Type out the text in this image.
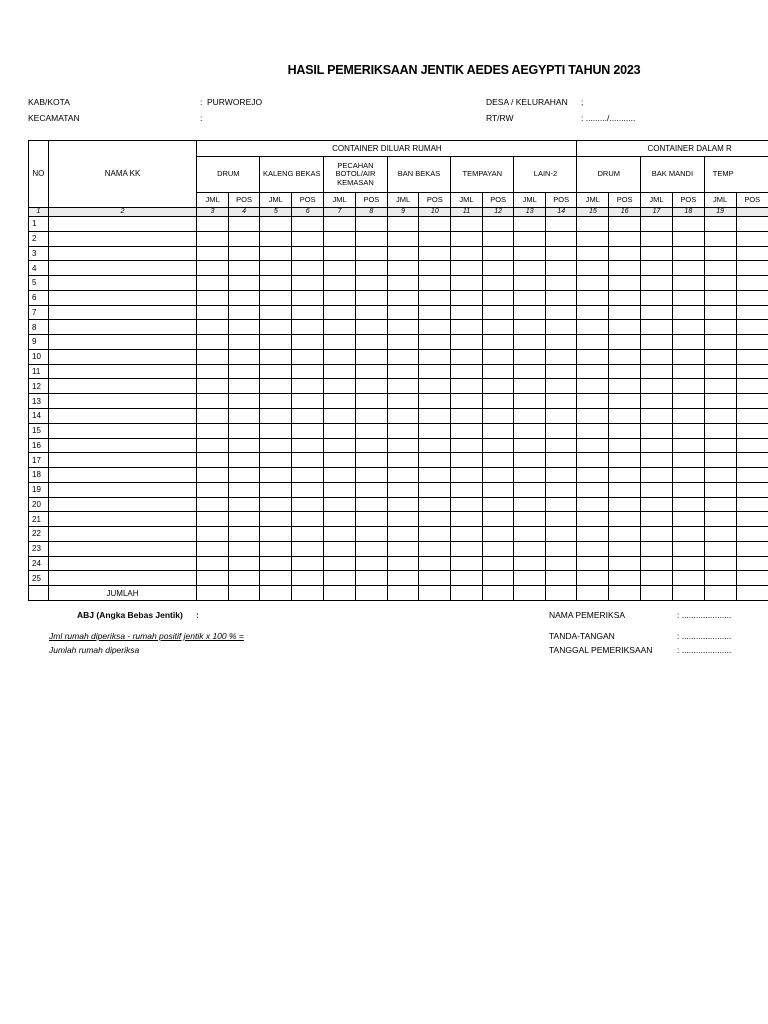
HASIL PEMERIKSAAN JENTIK AEDES AEGYPTI TAHUN 2023
KAB/KOTA	: PURWOREJO
KECAMATAN	:
DESA / KELURAHAN ;
RT/RW	: ........./...........
NO	NAMA KK	CONTAINER DILUAR RUMAH												CONTAINER DALAM R					
		DRUM		KALENG BEKAS		PECAHAN BOTOL/AIR KEMASAN		BAN BEKAS		TEMPAYAN		LAIN-2		DRUM		BAK MANDI		TEMP	
		JML	POS	JML	POS	JML	POS	JML	POS	JML	POS	JML	POS	JML	POS	JML	POS	JML	POS
1	2	3	4	5	6	7	8	9	10	11	12	13	14	15	16	17	18	19	
1																			
2																			
3																			
4																			
5																			
6																			
7																			
8																			
9																			
10																			
11																			
12																			
13																			
14																			
15																			
16																			
17																			
18																			
19																			
20																			
21																			
22																			
23																			
24																			
25																			
	JUMLAH																		
ABJ (Angka Bebas Jentik) :
Jml rumah diperiksa - rumah positif jentik x 100 % =
Jumlah rumah diperiksa
NAMA PEMERIKSA	: .....................
TANDA-TANGAN	: .....................
TANGGAL PEMERIKSAAN	: .....................
